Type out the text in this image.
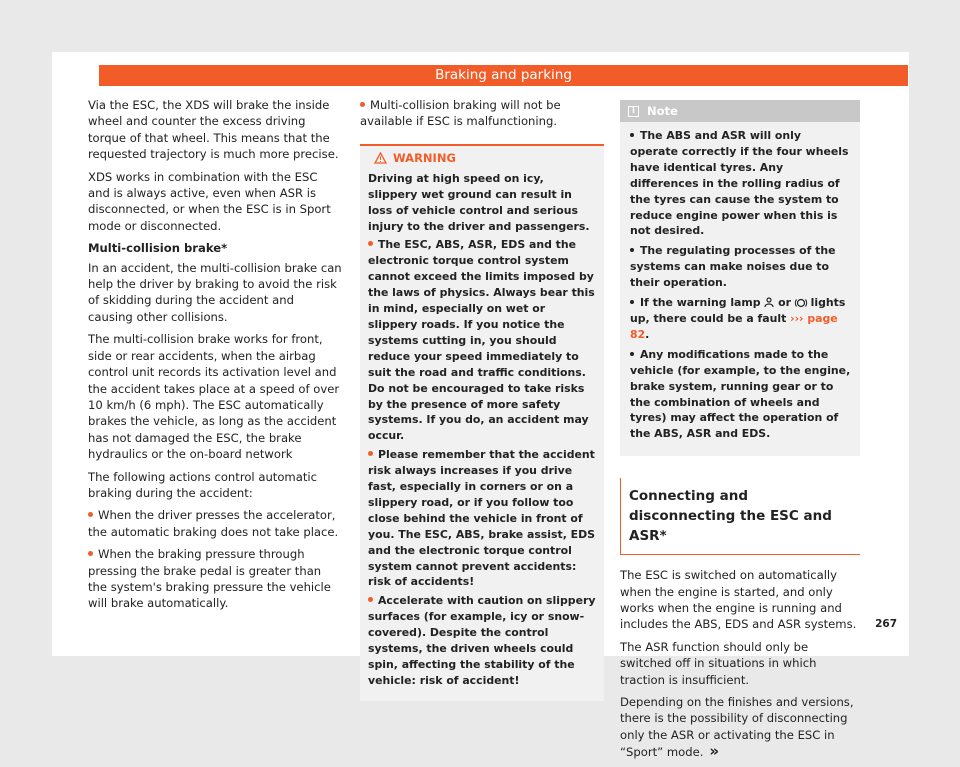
Braking and parking

Via the ESC, the XDS will brake the inside wheel and counter the excess driving torque of that wheel. This means that the requested trajectory is much more precise.

XDS works in combination with the ESC and is always active, even when ASR is disconnected, or when the ESC is in Sport mode or disconnected.

Multi-collision brake*

In an accident, the multi-collision brake can help the driver by braking to avoid the risk of skidding during the accident and causing other collisions.

The multi-collision brake works for front, side or rear accidents, when the airbag control unit records its activation level and the accident takes place at a speed of over 10 km/h (6 mph). The ESC automatically brakes the vehicle, as long as the accident has not damaged the ESC, the brake hydraulics or the on-board network

The following actions control automatic braking during the accident:

When the driver presses the accelerator, the automatic braking does not take place.

When the braking pressure through pressing the brake pedal is greater than the system's braking pressure the vehicle will brake automatically.

Multi-collision braking will not be available if ESC is malfunctioning.

WARNING

Driving at high speed on icy, slippery wet ground can result in loss of vehicle control and serious injury to the driver and passengers.

The ESC, ABS, ASR, EDS and the electronic torque control system cannot exceed the limits imposed by the laws of physics. Always bear this in mind, especially on wet or slippery roads. If you notice the systems cutting in, you should reduce your speed immediately to suit the road and traffic conditions. Do not be encouraged to take risks by the presence of more safety systems. If you do, an accident may occur.

Please remember that the accident risk always increases if you drive fast, especially in corners or on a slippery road, or if you follow too close behind the vehicle in front of you. The ESC, ABS, brake assist, EDS and the electronic torque control system cannot prevent accidents: risk of accidents!

Accelerate with caution on slippery surfaces (for example, icy or snow-covered). Despite the control systems, the driven wheels could spin, affecting the stability of the vehicle: risk of accident!

i	Note

The ABS and ASR will only operate correctly if the four wheels have identical tyres. Any differences in the rolling radius of the tyres can cause the system to reduce engine power when this is not desired.

The regulating processes of the systems can make noises due to their operation.

If the warning lamp or lights up, there could be a fault ››› page 82.

Any modifications made to the vehicle (for example, to the engine, brake system, running gear or to the combination of wheels and tyres) may affect the operation of the ABS, ASR and EDS.

Connecting and disconnecting the ESC and ASR*

The ESC is switched on automatically when the engine is started, and only works when the engine is running and includes the ABS, EDS and ASR systems.

The ASR function should only be switched off in situations in which traction is insufficient.

Depending on the finishes and versions, there is the possibility of disconnecting only the ASR or activating the ESC in “Sport” mode. »

267
